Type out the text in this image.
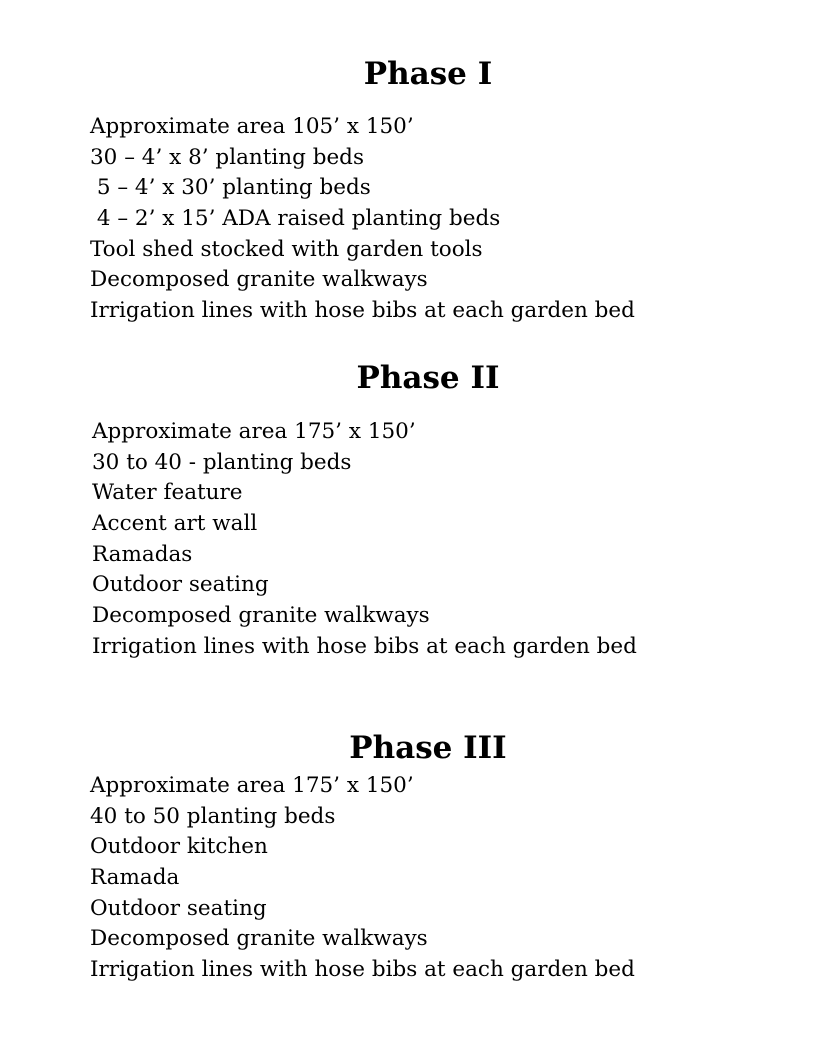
Phase I
Approximate area 105’ x 150’
30 – 4’ x 8’ planting beds
5 – 4’ x 30’ planting beds
4 – 2’ x 15’ ADA raised planting beds
Tool shed stocked with garden tools
Decomposed granite walkways
Irrigation lines with hose bibs at each garden bed
Phase II
Approximate area 175’ x 150’
30 to 40 - planting beds
Water feature
Accent art wall
Ramadas
Outdoor seating
Decomposed granite walkways
Irrigation lines with hose bibs at each garden bed
Phase III
Approximate area 175’ x 150’
40 to 50 planting beds
Outdoor kitchen
Ramada
Outdoor seating
Decomposed granite walkways
Irrigation lines with hose bibs at each garden bed
